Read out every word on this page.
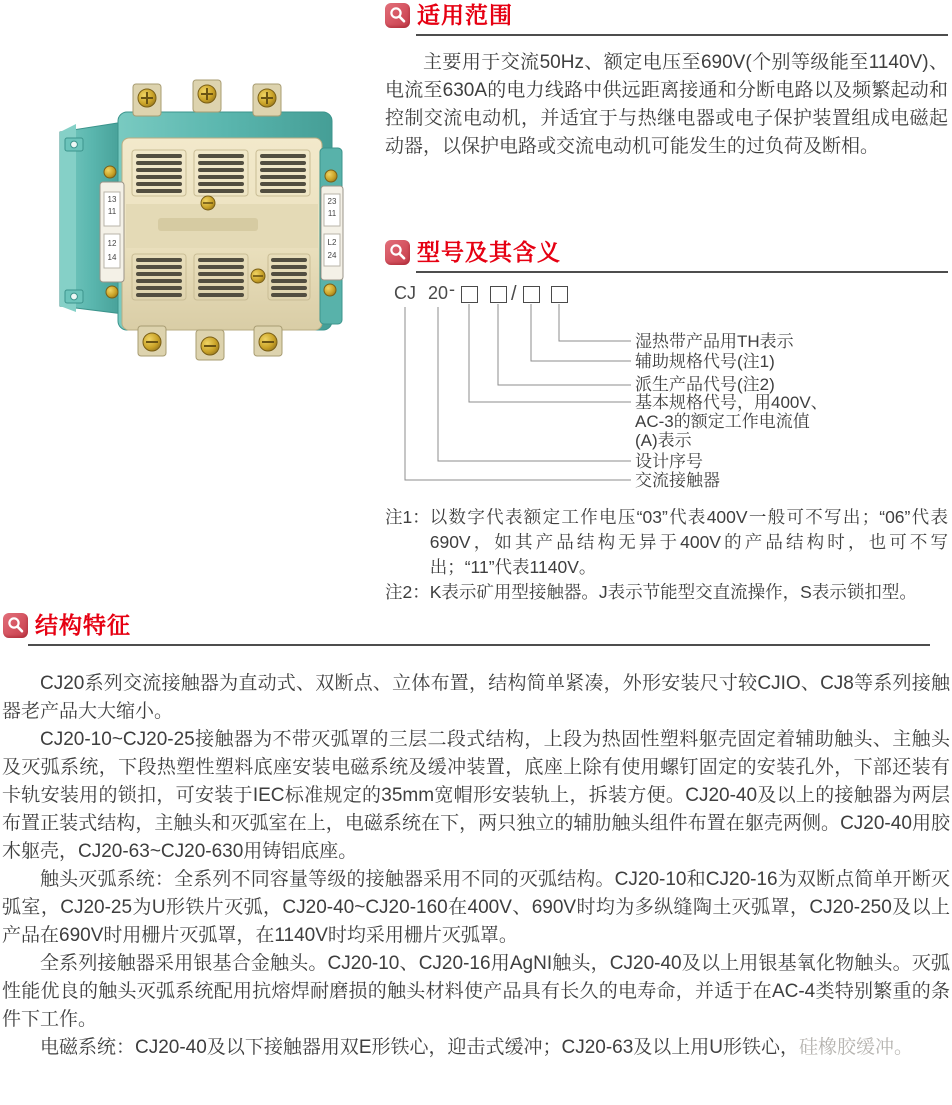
13
11
12
14
23
11
L2
24
适用范围
主要用于交流50Hz、额定电压至690V(个别等级能至1140V)、电流至630A的电力线路中供远距离接通和分断电路以及频繁起动和控制交流电动机，并适宜于与热继电器或电子保护装置组成电磁起动器，以保护电路或交流电动机可能发生的过负荷及断相。
型号及其含义
CJ 20 -	/
湿热带产品用TH表示
辅助规格代号(注1)
派生产品代号(注2)
基本规格代号，用400V、
AC-3的额定工作电流值
(A)表示
设计序号
交流接触器
注1： 以数字代表额定工作电压“03”代表400V一般可不写出；“06”代表690V，如其产品结构无异于400V的产品结构时，也可不写出；“11”代表1140V。
注2： K表示矿用型接触器。J表示节能型交直流操作，S表示锁扣型。
结构特征

CJ20系列交流接触器为直动式、双断点、立体布置，结构简单紧凑，外形安装尺寸较CJIO、CJ8等系列接触器老产品大大缩小。

CJ20-10~CJ20-25接触器为不带灭弧罩的三层二段式结构，上段为热固性塑料躯壳固定着辅助触头、主触头及灭弧系统，下段热塑性塑料底座安装电磁系统及缓冲装置，底座上除有使用螺钉固定的安装孔外，下部还装有卡轨安装用的锁扣，可安装于IEC标准规定的35mm宽帽形安装轨上，拆装方便。CJ20-40及以上的接触器为两层布置正装式结构，主触头和灭弧室在上，电磁系统在下，两只独立的辅肋触头组件布置在躯壳两侧。CJ20-40用胶木躯壳，CJ20-63~CJ20-630用铸铝底座。

触头灭弧系统：全系列不同容量等级的接触器采用不同的灭弧结构。CJ20-10和CJ20-16为双断点简单开断灭弧室，CJ20-25为U形铁片灭弧，CJ20-40~CJ20-160在400V、690V时均为多纵缝陶土灭弧罩，CJ20-250及以上产品在690V时用栅片灭弧罩，在1140V时均采用栅片灭弧罩。

全系列接触器采用银基合金触头。CJ20-10、CJ20-16用AgNI触头，CJ20-40及以上用银基氧化物触头。灭弧性能优良的触头灭弧系统配用抗熔焊耐磨损的触头材料使产品具有长久的电寿命，并适于在AC-4类特别繁重的条件下工作。

电磁系统：CJ20-40及以下接触器用双E形铁心，迎击式缓冲；CJ20-63及以上用U形铁心，硅橡胶缓冲。
